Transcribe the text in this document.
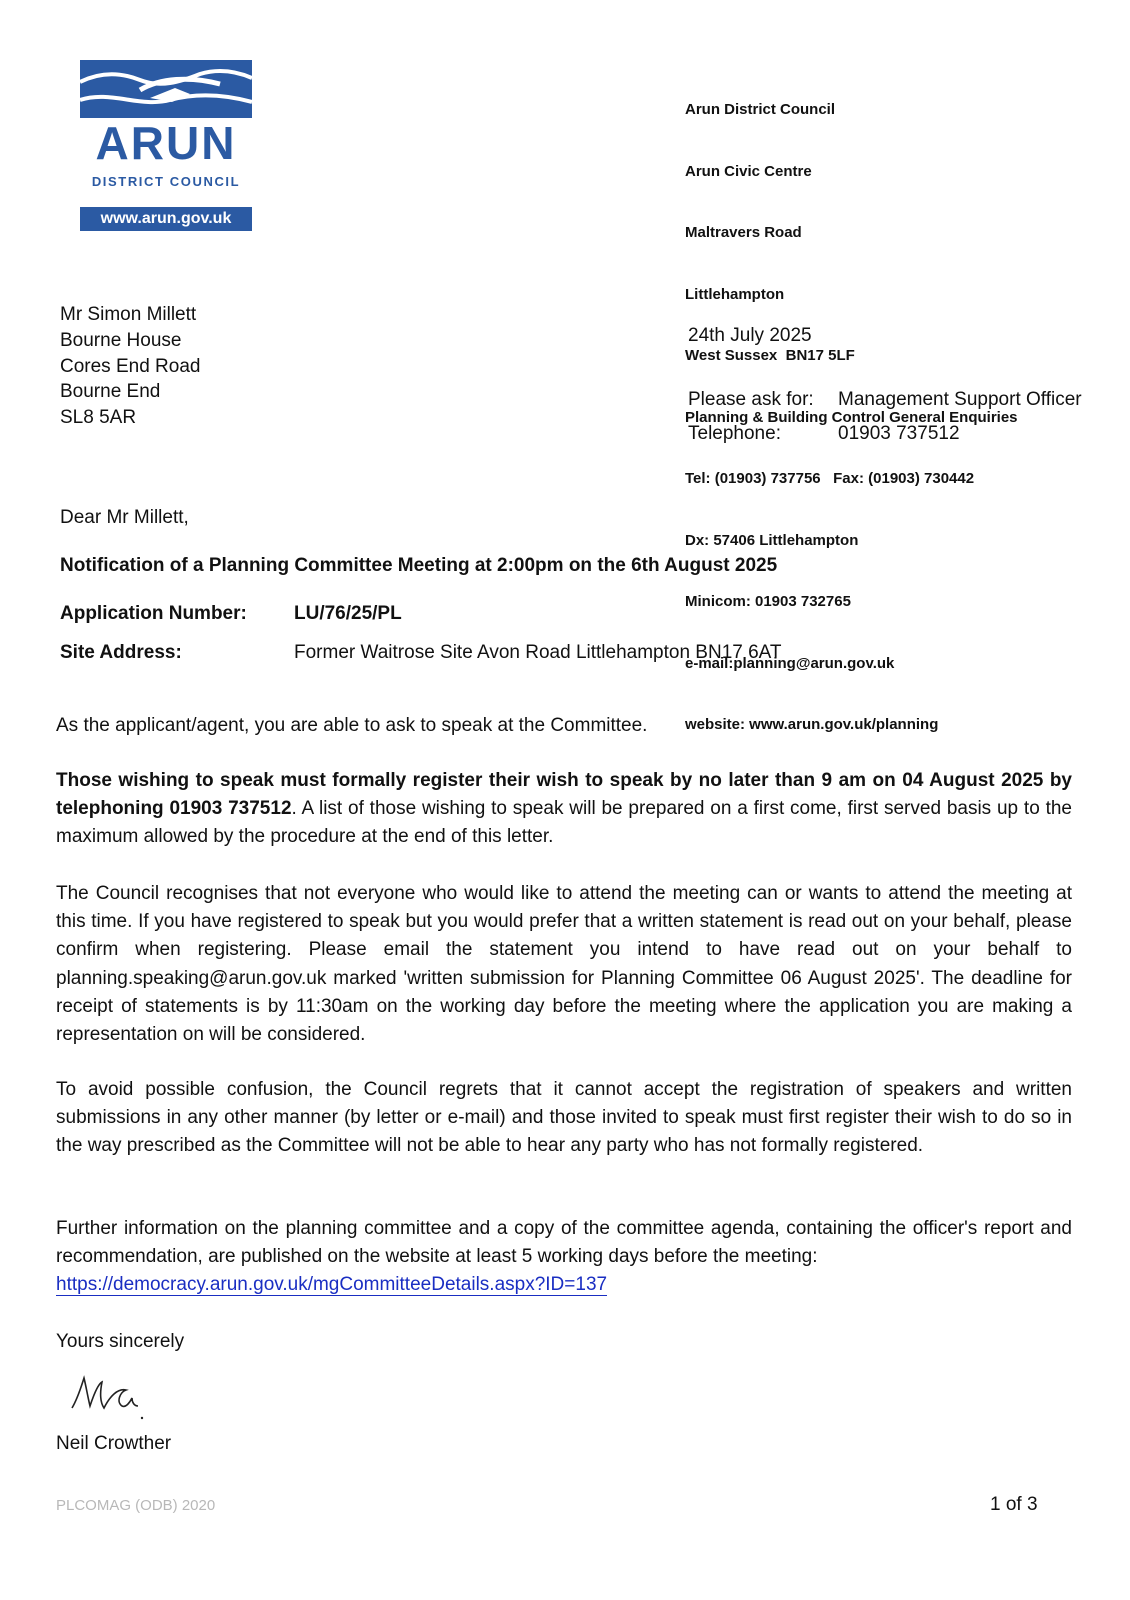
ARUN
DISTRICT COUNCIL
www.arun.gov.uk

Arun District Council

Arun Civic Centre

Maltravers Road

Littlehampton

West Sussex  BN17 5LF

Planning & Building Control General Enquiries

Tel: (01903) 737756   Fax: (01903) 730442

Dx: 57406 Littlehampton

Minicom: 01903 732765

e-mail:planning@arun.gov.uk

website: www.arun.gov.uk/planning

Mr Simon Millett
Bourne House
Cores End Road
Bourne End
SL8 5AR
24th July 2025
Please ask for: Management Support Officer
Telephone:	01903 737512
Dear Mr Millett,
Notification of a Planning Committee Meeting at 2:00pm on the 6th August 2025
Application Number: LU/76/25/PL
Site Address:	Former Waitrose Site Avon Road Littlehampton BN17 6AT
As the applicant/agent, you are able to ask to speak at the Committee.
Those wishing to speak must formally register their wish to speak by no later than 9 am on 04 August 2025 by telephoning 01903 737512. A list of those wishing to speak will be prepared on a first come, first served basis up to the maximum allowed by the procedure at the end of this letter.
The Council recognises that not everyone who would like to attend the meeting can or wants to attend the meeting at this time. If you have registered to speak but you would prefer that a written statement is read out on your behalf, please confirm when registering. Please email the statement you intend to have read out on your behalf to planning.speaking@arun.gov.uk marked 'written submission for Planning Committee 06 August 2025'. The deadline for receipt of statements is by 11:30am on the working day before the meeting where the application you are making a representation on will be considered.
To avoid possible confusion, the Council regrets that it cannot accept the registration of speakers and written submissions in any other manner (by letter or e-mail) and those invited to speak must first register their wish to do so in the way prescribed as the Committee will not be able to hear any party who has not formally registered.
Further information on the planning committee and a copy of the committee agenda, containing the officer's report and recommendation, are published on the website at least 5 working days before the meeting:
https://democracy.arun.gov.uk/mgCommitteeDetails.aspx?ID=137
Yours sincerely
Neil Crowther
PLCOMAG (ODB) 2020	1 of 3
